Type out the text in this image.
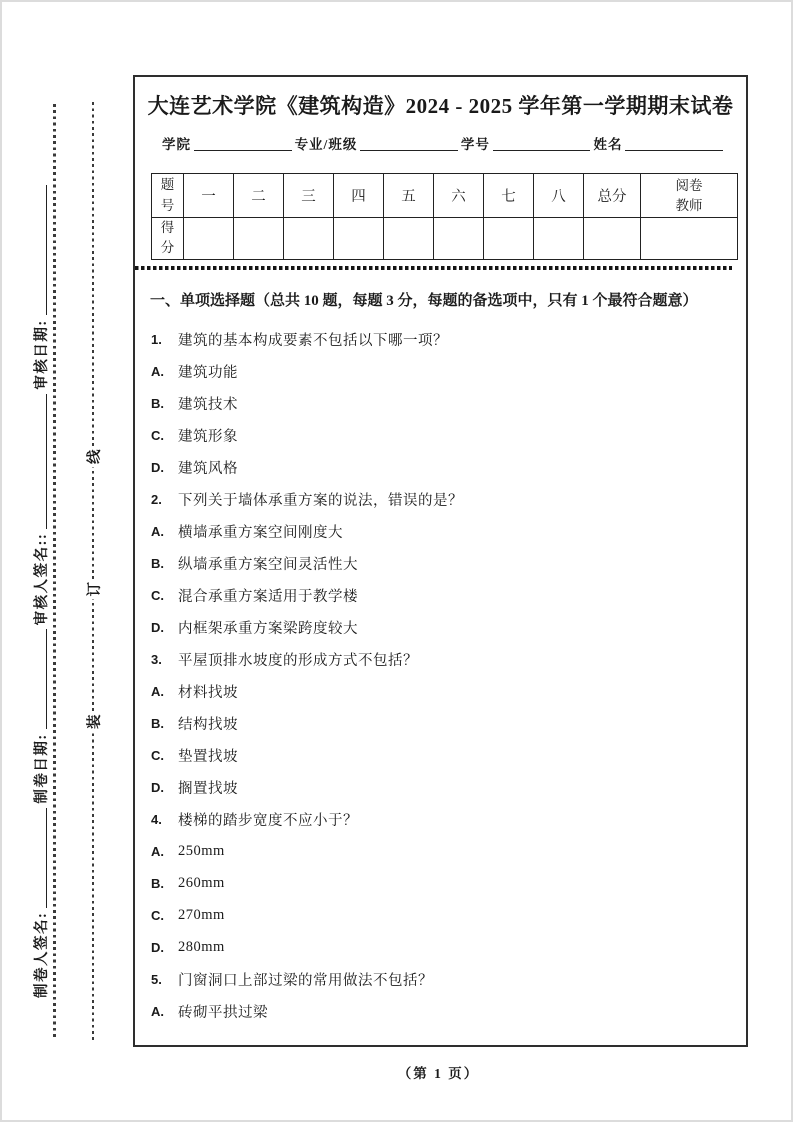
制卷人签名:
制卷日期:
审核人签名::
审核日期:
装
订
线
大连艺术学院《建筑构造》2024 - 2025 学年第一学期期末试卷
学院	专业/班级	学号	姓名
题号	一	二	三	四	五	六	七	八	总分	阅卷教师
得分										
一、单项选择题（总共 10 题，每题 3 分，每题的备选项中，只有 1 个最符合题意）
1.	建筑的基本构成要素不包括以下哪一项？
A. 建筑功能
B. 建筑技术
C. 建筑形象
D. 建筑风格
2.	下列关于墙体承重方案的说法，错误的是？
A. 横墙承重方案空间刚度大
B. 纵墙承重方案空间灵活性大
C. 混合承重方案适用于教学楼
D. 内框架承重方案梁跨度较大
3.	平屋顶排水坡度的形成方式不包括？
A. 材料找坡
B. 结构找坡
C. 垫置找坡
D. 搁置找坡
4.	楼梯的踏步宽度不应小于？
A. 250mm
B. 260mm
C. 270mm
D. 280mm
5.	门窗洞口上部过梁的常用做法不包括？
A. 砖砌平拱过梁
（第 1 页）
